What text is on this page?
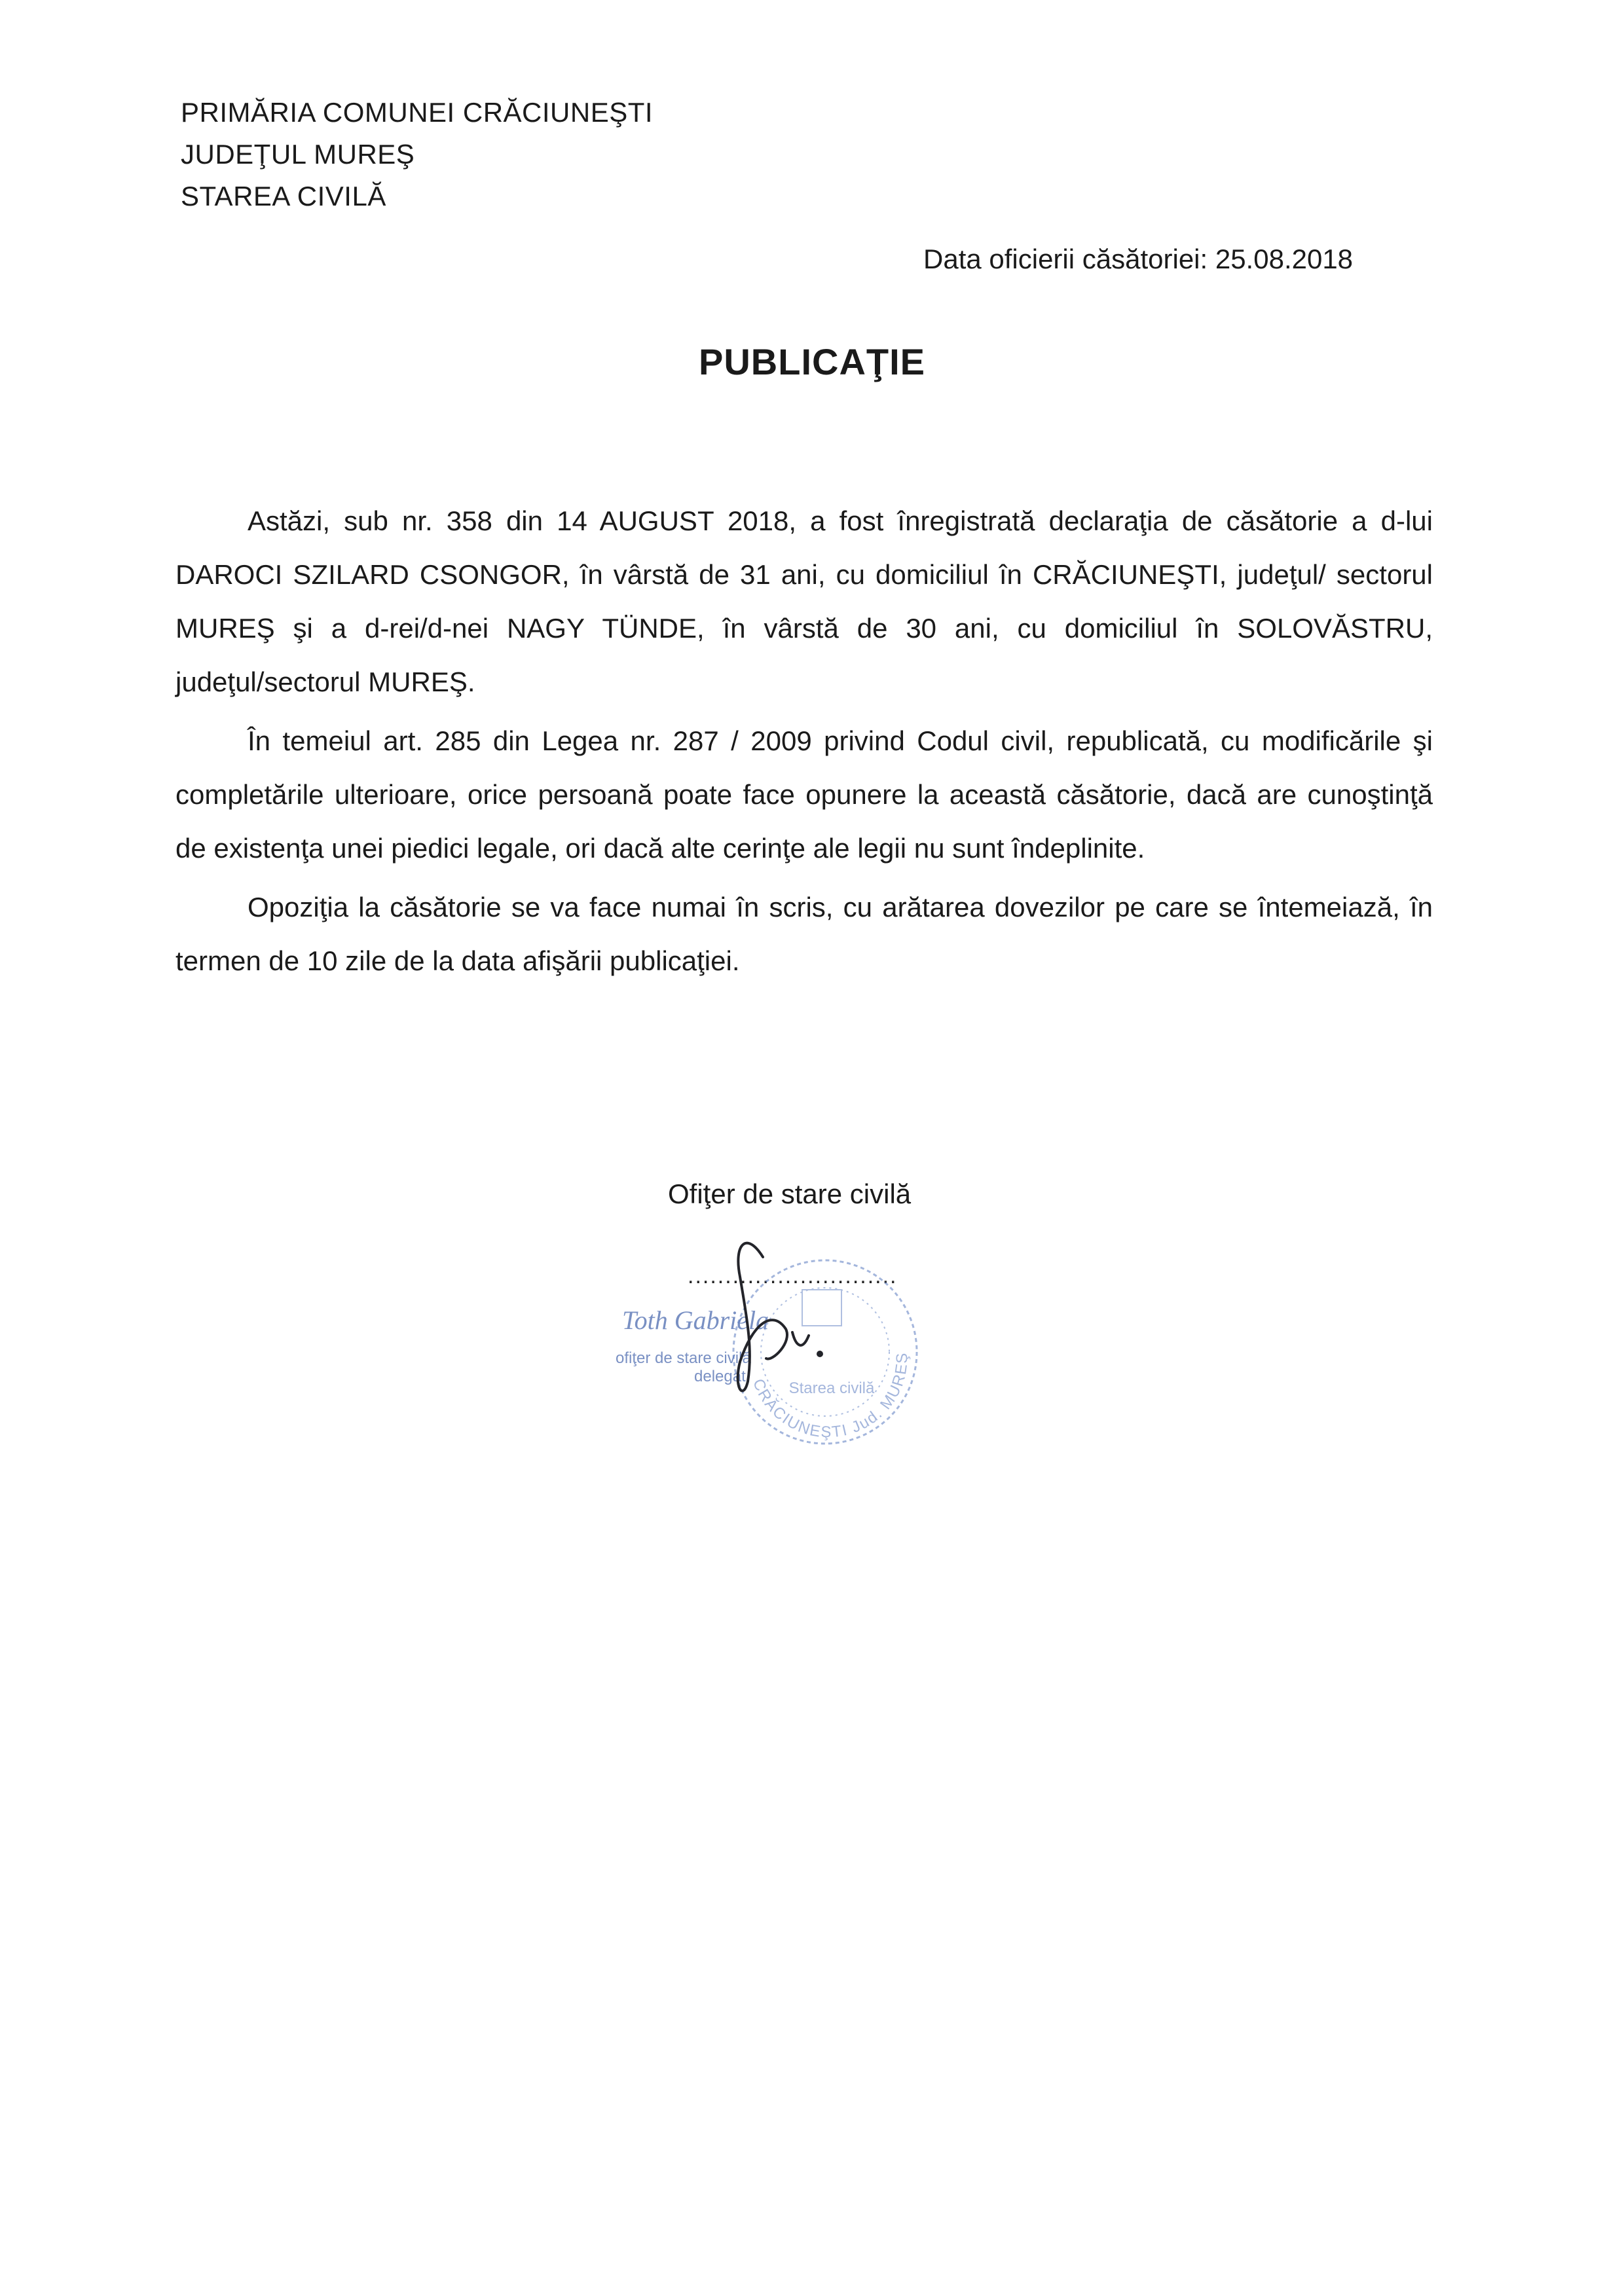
PRIMĂRIA COMUNEI CRĂCIUNEŞTI
JUDEŢUL MUREŞ
STAREA CIVILĂ
Data oficierii căsătoriei: 25.08.2018
PUBLICAŢIE

Astăzi, sub nr. 358 din 14 AUGUST 2018, a fost înregistrată declaraţia de căsătorie a d-lui DAROCI SZILARD CSONGOR, în vârstă de 31 ani, cu domiciliul în CRĂCIUNEŞTI, judeţul/ sectorul MUREŞ şi a d-rei/d-nei NAGY TÜNDE, în vârstă de 30 ani, cu domiciliul în SOLOVĂSTRU, judeţul/sectorul MUREŞ.

În temeiul art. 285 din Legea nr. 287 / 2009 privind Codul civil, republicată, cu modificările şi completările ulterioare, orice persoană poate face opunere la această căsătorie, dacă are cunoştinţă de existenţa unei piedici legale, ori dacă alte cerinţe ale legii nu sunt îndeplinite.

Opoziţia la căsătorie se va face numai în scris, cu arătarea dovezilor pe care se întemeiază, în termen de 10 zile de la data afişării publicaţiei.

Ofiţer de stare civilă
............................
Toth Gabriela
ofiţer de stare civilă
delegat
Starea civilă
CRĂCIUNEŞTI Jud. MUREŞ
